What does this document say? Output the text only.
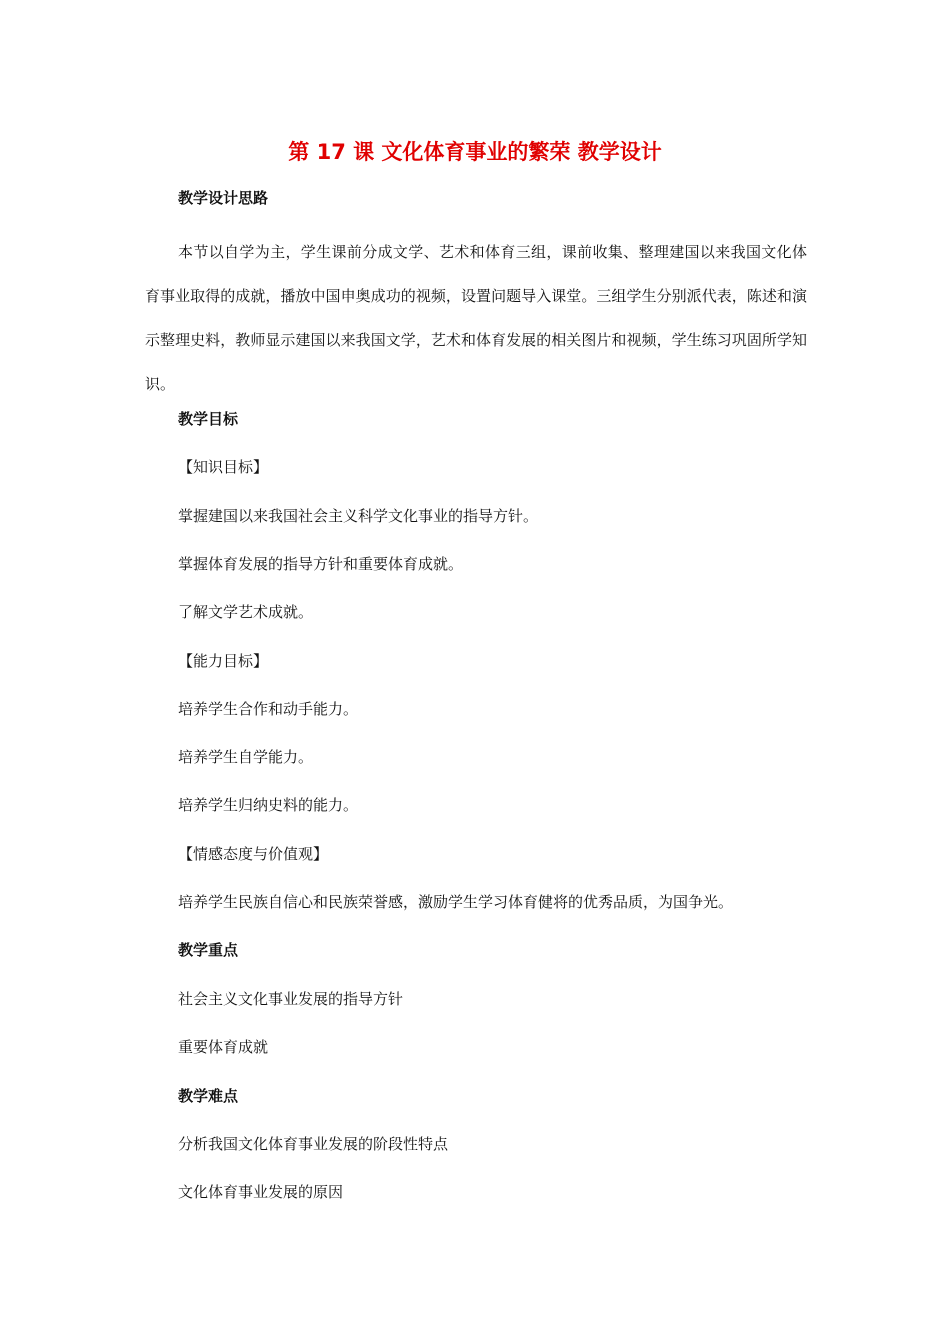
第 17 课 文化体育事业的繁荣 教学设计
教学设计思路
本节以自学为主，学生课前分成文学、艺术和体育三组，课前收集、整理建国以来我国文化体育事业取得的成就，播放中国申奥成功的视频，设置问题导入课堂。三组学生分别派代表，陈述和演示整理史料，教师显示建国以来我国文学，艺术和体育发展的相关图片和视频，学生练习巩固所学知识。
教学目标
【知识目标】
掌握建国以来我国社会主义科学文化事业的指导方针。
掌握体育发展的指导方针和重要体育成就。
了解文学艺术成就。
【能力目标】
培养学生合作和动手能力。
培养学生自学能力。
培养学生归纳史料的能力。
【情感态度与价值观】
培养学生民族自信心和民族荣誉感，激励学生学习体育健将的优秀品质，为国争光。
教学重点
社会主义文化事业发展的指导方针
重要体育成就
教学难点
分析我国文化体育事业发展的阶段性特点
文化体育事业发展的原因
